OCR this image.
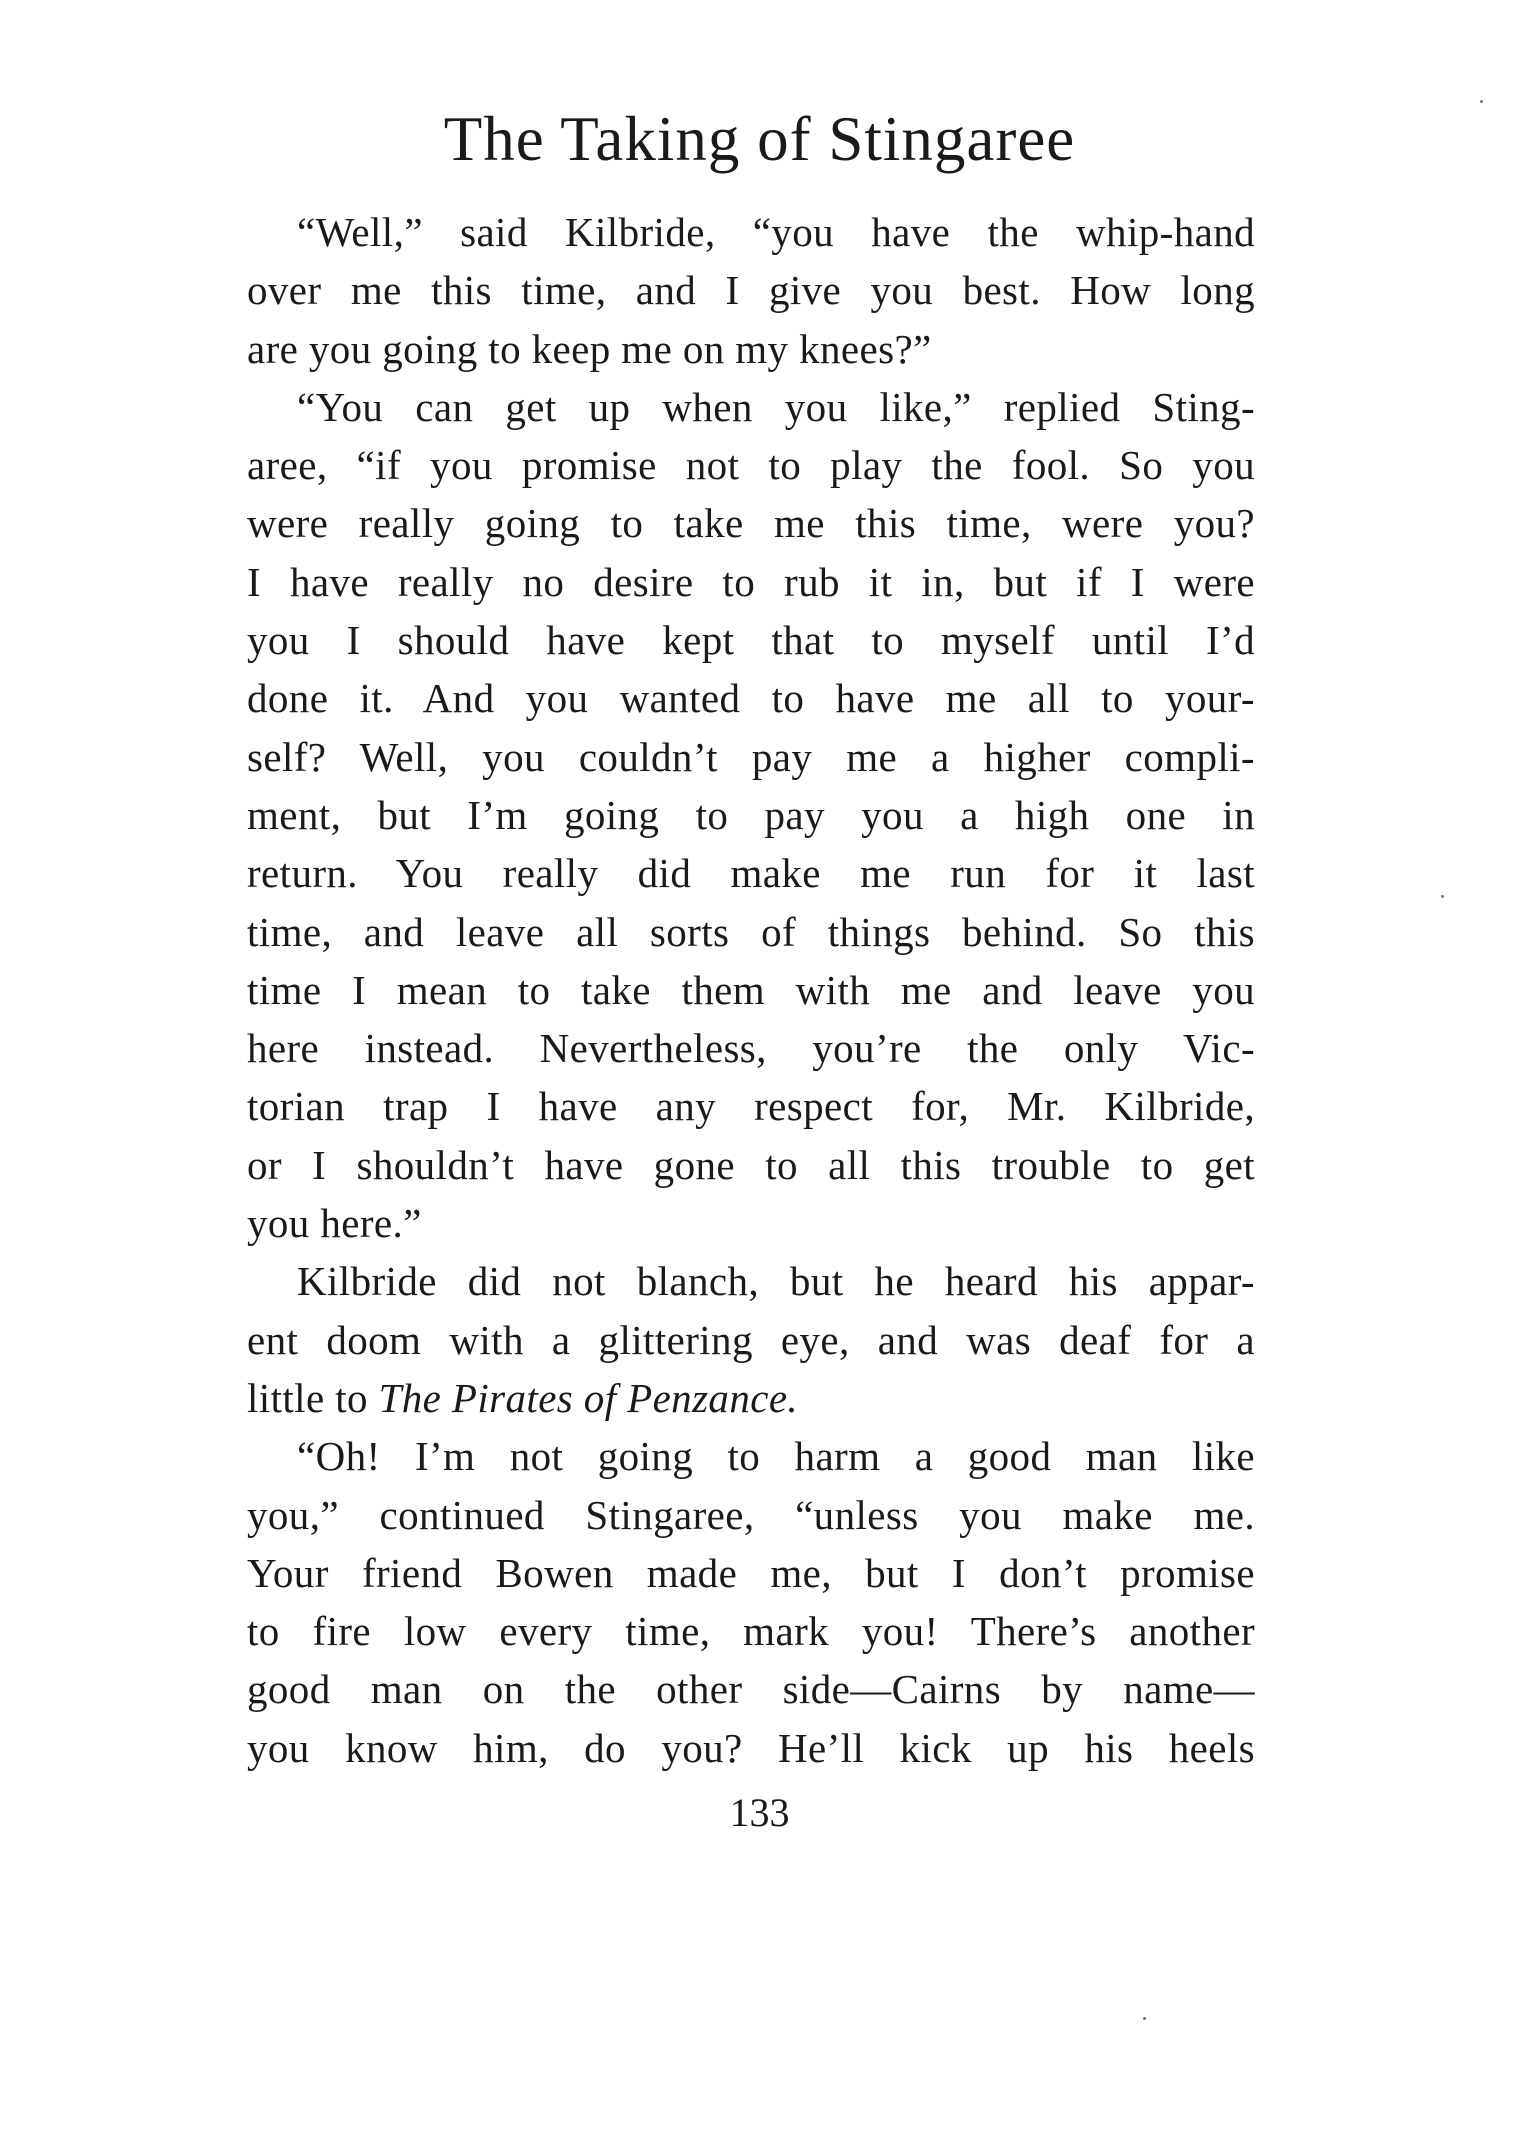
The Taking of Stingaree
“Well,” said Kilbride, “you have the whip-hand
over me this time, and I give you best. How long
are you going to keep me on my knees?”
“You can get up when you like,” replied Sting-
aree, “if you promise not to play the fool. So you
were really going to take me this time, were you?
I have really no desire to rub it in, but if I were
you I should have kept that to myself until I’d
done it. And you wanted to have me all to your-
self? Well, you couldn’t pay me a higher compli-
ment, but I’m going to pay you a high one in
return. You really did make me run for it last
time, and leave all sorts of things behind. So this
time I mean to take them with me and leave you
here instead. Nevertheless, you’re the only Vic-
torian trap I have any respect for, Mr. Kilbride,
or I shouldn’t have gone to all this trouble to get
you here.”
Kilbride did not blanch, but he heard his appar-
ent doom with a glittering eye, and was deaf for a
little to The Pirates of Penzance.
“Oh! I’m not going to harm a good man like
you,” continued Stingaree, “unless you make me.
Your friend Bowen made me, but I don’t promise
to fire low every time, mark you! There’s another
good man on the other side—Cairns by name—
you know him, do you? He’ll kick up his heels
133
